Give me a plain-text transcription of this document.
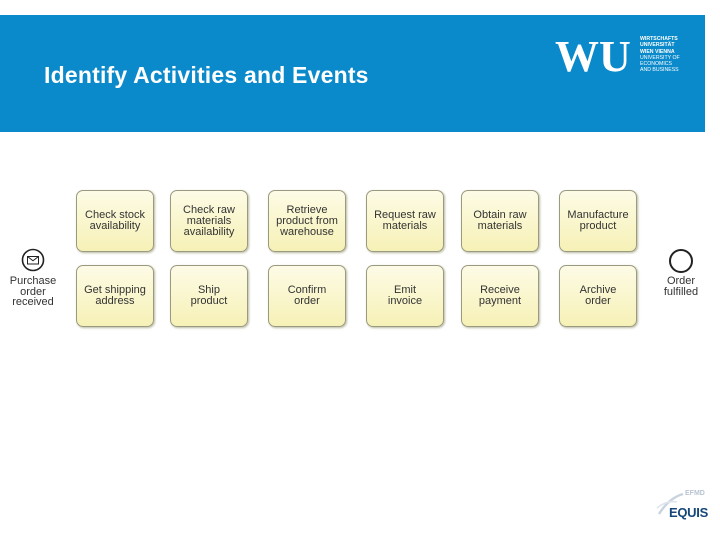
Identify Activities and Events	WU WIRTSCHAFTS
UNIVERSITÄT
WIEN VIENNA
UNIVERSITY OF
ECONOMICS
AND BUSINESS
Purchase
order
received
Order
fulfilled
Check stock
availability
Check raw
materials
availability
Retrieve
product from
warehouse
Request raw
materials
Obtain raw
materials
Manufacture
product
Get shipping
address
Ship
product
Confirm
order
Emit
invoice
Receive
payment
Archive
order
EFMD
EQUIS
